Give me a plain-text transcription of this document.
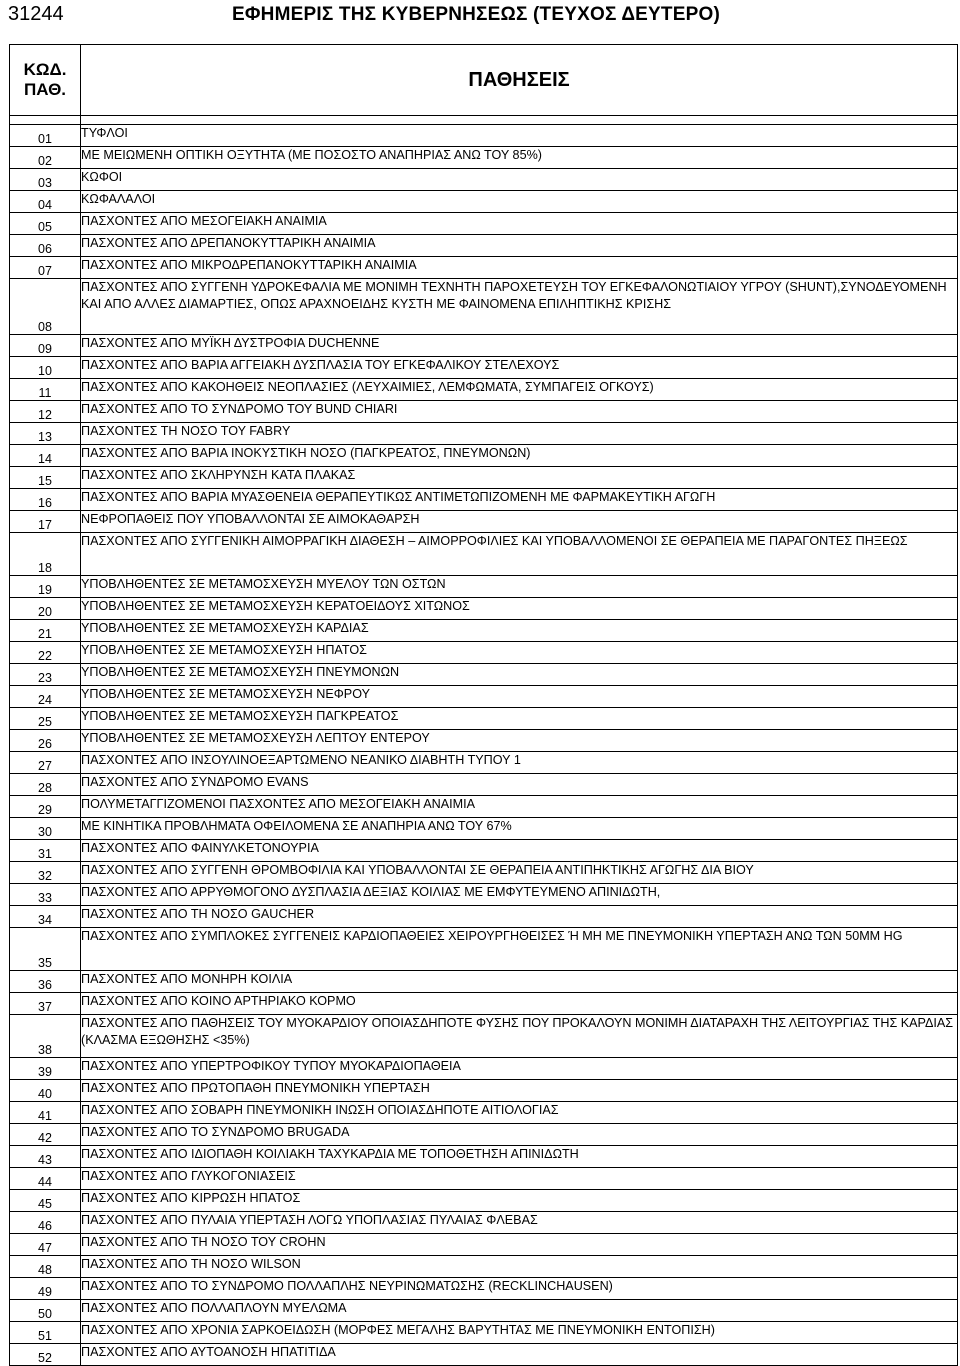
31244	ΕΦΗΜΕΡΙΣ ΤΗΣ ΚΥΒΕΡΝΗΣΕΩΣ (ΤΕΥΧΟΣ ΔΕΥΤΕΡΟ)
ΚΩΔ. ΠΑΘ.	ΠΑΘΗΣΕΙΣ

01	ΤΥΦΛΟΙ
02	ΜΕ ΜΕΙΩΜΕΝΗ ΟΠΤΙΚΗ ΟΞΥΤΗΤΑ (ΜΕ ΠΟΣΟΣΤΟ ΑΝΑΠΗΡΙΑΣ ΑΝΩ ΤΟΥ 85%)
03	ΚΩΦΟΙ
04	ΚΩΦΑΛΑΛΟΙ
05	ΠΑΣΧΟΝΤΕΣ ΑΠΟ ΜΕΣΟΓΕΙΑΚΗ ΑΝΑΙΜΙΑ
06	ΠΑΣΧΟΝΤΕΣ ΑΠΟ ΔΡΕΠΑΝΟΚΥΤΤΑΡΙΚΗ ΑΝΑΙΜΙΑ
07	ΠΑΣΧΟΝΤΕΣ ΑΠΟ ΜΙΚΡΟΔΡΕΠΑΝΟΚΥΤΤΑΡΙΚΗ ΑΝΑΙΜΙΑ
08	ΠΑΣΧΟΝΤΕΣ ΑΠΟ ΣΥΓΓΕΝΗ ΥΔΡΟΚΕΦΑΛΙΑ ΜΕ ΜΟΝΙΜΗ ΤΕΧΝΗΤΗ ΠΑΡΟΧΕΤΕΥΣΗ ΤΟΥ ΕΓΚΕΦΑΛΟΝΩΤΙΑΙΟΥ ΥΓΡΟΥ (SHUNT),ΣΥΝΟΔΕΥΟΜΕΝΗ ΚΑΙ ΑΠΟ ΑΛΛΕΣ ΔΙΑΜΑΡΤΙΕΣ, ΟΠΩΣ ΑΡΑΧΝΟΕΙΔΗΣ ΚΥΣΤΗ ΜΕ ΦΑΙΝΟΜΕΝΑ ΕΠΙΛΗΠΤΙΚΗΣ ΚΡΙΣΗΣ
09	ΠΑΣΧΟΝΤΕΣ ΑΠΟ ΜΥΪΚΗ ΔΥΣΤΡΟΦΙΑ DUCHENNE
10	ΠΑΣΧΟΝΤΕΣ ΑΠΟ ΒΑΡΙΑ ΑΓΓΕΙΑΚΗ ΔΥΣΠΛΑΣΙΑ ΤΟΥ ΕΓΚΕΦΑΛΙΚΟΥ ΣΤΕΛΕΧΟΥΣ
11	ΠΑΣΧΟΝΤΕΣ ΑΠΟ ΚΑΚΟΗΘΕΙΣ ΝΕΟΠΛΑΣΙΕΣ (ΛΕΥΧΑΙΜΙΕΣ, ΛΕΜΦΩΜΑΤΑ, ΣΥΜΠΑΓΕΙΣ ΟΓΚΟΥΣ)
12	ΠΑΣΧΟΝΤΕΣ ΑΠΟ ΤΟ ΣΥΝΔΡΟΜΟ ΤΟΥ BUND CHIARI
13	ΠΑΣΧΟΝΤΕΣ ΤΗ ΝΟΣΟ ΤΟΥ FABRY
14	ΠΑΣΧΟΝΤΕΣ ΑΠΟ ΒΑΡΙΑ ΙΝΟΚΥΣΤΙΚΗ ΝΟΣΟ (ΠΑΓΚΡΕΑΤΟΣ, ΠΝΕΥΜΟΝΩΝ)
15	ΠΑΣΧΟΝΤΕΣ ΑΠΟ ΣΚΛΗΡΥΝΣΗ ΚΑΤΑ ΠΛΑΚΑΣ
16	ΠΑΣΧΟΝΤΕΣ ΑΠΟ ΒΑΡΙΑ ΜΥΑΣΘΕΝΕΙΑ ΘΕΡΑΠΕΥΤΙΚΩΣ ΑΝΤΙΜΕΤΩΠΙΖΟΜΕΝΗ ΜΕ ΦΑΡΜΑΚΕΥΤΙΚΗ ΑΓΩΓΗ
17	ΝΕΦΡΟΠΑΘΕΙΣ ΠΟΥ ΥΠΟΒΑΛΛΟΝΤΑΙ ΣΕ ΑΙΜΟΚΑΘΑΡΣΗ
18	ΠΑΣΧΟΝΤΕΣ ΑΠΟ ΣΥΓΓΕΝΙΚΗ ΑΙΜΟΡΡΑΓΙΚΗ ΔΙΑΘΕΣΗ – ΑΙΜΟΡΡΟΦΙΛΙΕΣ ΚΑΙ ΥΠΟΒΑΛΛΟΜΕΝΟΙ ΣΕ ΘΕΡΑΠΕΙΑ ΜΕ ΠΑΡΑΓΟΝΤΕΣ ΠΗΞΕΩΣ
19	ΥΠΟΒΛΗΘΕΝΤΕΣ ΣΕ ΜΕΤΑΜΟΣΧΕΥΣΗ ΜΥΕΛΟΥ ΤΩΝ ΟΣΤΩΝ
20	ΥΠΟΒΛΗΘΕΝΤΕΣ ΣΕ ΜΕΤΑΜΟΣΧΕΥΣΗ ΚΕΡΑΤΟΕΙΔΟΥΣ ΧΙΤΩΝΟΣ
21	ΥΠΟΒΛΗΘΕΝΤΕΣ ΣΕ ΜΕΤΑΜΟΣΧΕΥΣΗ ΚΑΡΔΙΑΣ
22	ΥΠΟΒΛΗΘΕΝΤΕΣ ΣΕ ΜΕΤΑΜΟΣΧΕΥΣΗ ΗΠΑΤΟΣ
23	ΥΠΟΒΛΗΘΕΝΤΕΣ ΣΕ ΜΕΤΑΜΟΣΧΕΥΣΗ ΠΝΕΥΜΟΝΩΝ
24	ΥΠΟΒΛΗΘΕΝΤΕΣ ΣΕ ΜΕΤΑΜΟΣΧΕΥΣΗ ΝΕΦΡΟΥ
25	ΥΠΟΒΛΗΘΕΝΤΕΣ ΣΕ ΜΕΤΑΜΟΣΧΕΥΣΗ ΠΑΓΚΡΕΑΤΟΣ
26	ΥΠΟΒΛΗΘΕΝΤΕΣ ΣΕ ΜΕΤΑΜΟΣΧΕΥΣΗ ΛΕΠΤΟΥ ΕΝΤΕΡΟΥ
27	ΠΑΣΧΟΝΤΕΣ ΑΠΟ ΙΝΣΟΥΛΙΝΟΕΞΑΡΤΩΜΕΝΟ ΝΕΑΝΙΚΟ ΔΙΑΒΗΤΗ ΤΥΠΟΥ 1
28	ΠΑΣΧΟΝΤΕΣ ΑΠΟ ΣΥΝΔΡΟΜΟ EVANS
29	ΠΟΛΥΜΕΤΑΓΓΙΖΟΜΕΝΟΙ ΠΑΣΧΟΝΤΕΣ ΑΠΟ ΜΕΣΟΓΕΙΑΚΗ ΑΝΑΙΜΙΑ
30	ΜΕ ΚΙΝΗΤΙΚΑ ΠΡΟΒΛΗΜΑΤΑ ΟΦΕΙΛΟΜΕΝΑ ΣΕ ΑΝΑΠΗΡΙΑ ΑΝΩ ΤΟΥ 67%
31	ΠΑΣΧΟΝΤΕΣ ΑΠΟ ΦΑΙΝΥΛΚΕΤΟΝΟΥΡΙΑ
32	ΠΑΣΧΟΝΤΕΣ ΑΠΟ ΣΥΓΓΕΝΗ ΘΡΟΜΒΟΦΙΛΙΑ ΚΑΙ ΥΠΟΒΑΛΛΟΝΤΑΙ ΣΕ ΘΕΡΑΠΕΙΑ ΑΝΤΙΠΗΚΤΙΚΗΣ ΑΓΩΓΗΣ ΔΙΑ ΒΙΟΥ
33	ΠΑΣΧΟΝΤΕΣ ΑΠΟ ΑΡΡΥΘΜΟΓΟΝΟ ΔΥΣΠΛΑΣΙΑ ΔΕΞΙΑΣ ΚΟΙΛΙΑΣ ΜΕ ΕΜΦΥΤΕΥΜΕΝΟ ΑΠΙΝΙΔΩΤΗ,
34	ΠΑΣΧΟΝΤΕΣ ΑΠΟ ΤΗ ΝΟΣΟ GAUCHER
35	ΠΑΣΧΟΝΤΕΣ ΑΠΟ ΣΥΜΠΛΟΚΕΣ ΣΥΓΓΕΝΕΙΣ ΚΑΡΔΙΟΠΑΘΕΙΕΣ ΧΕΙΡΟΥΡΓΗΘΕΙΣΕΣ Ή ΜΗ ΜΕ ΠΝΕΥΜΟΝΙΚΗ ΥΠΕΡΤΑΣΗ ΑΝΩ ΤΩΝ 50ΜΜ HG
36	ΠΑΣΧΟΝΤΕΣ ΑΠΟ ΜΟΝΗΡΗ ΚΟΙΛΙΑ
37	ΠΑΣΧΟΝΤΕΣ ΑΠΟ ΚΟΙΝΟ ΑΡΤΗΡΙΑΚΟ ΚΟΡΜΟ
38	ΠΑΣΧΟΝΤΕΣ ΑΠΟ ΠΑΘΗΣΕΙΣ ΤΟΥ ΜΥΟΚΑΡΔΙΟΥ ΟΠΟΙΑΣΔΗΠΟΤΕ ΦΥΣΗΣ ΠΟΥ ΠΡΟΚΑΛΟΥΝ ΜΟΝΙΜΗ ΔΙΑΤΑΡΑΧΗ ΤΗΣ ΛΕΙΤΟΥΡΓΙΑΣ ΤΗΣ ΚΑΡΔΙΑΣ (ΚΛΑΣΜΑ ΕΞΩΘΗΣΗΣ <35%)
39	ΠΑΣΧΟΝΤΕΣ ΑΠΟ ΥΠΕΡΤΡΟΦΙΚΟΥ ΤΥΠΟΥ ΜΥΟΚΑΡΔΙΟΠΑΘΕΙΑ
40	ΠΑΣΧΟΝΤΕΣ ΑΠΟ ΠΡΩΤΟΠΑΘΗ ΠΝΕΥΜΟΝΙΚΗ ΥΠΕΡΤΑΣΗ
41	ΠΑΣΧΟΝΤΕΣ ΑΠΟ ΣΟΒΑΡΗ ΠΝΕΥΜΟΝΙΚΗ ΙΝΩΣΗ ΟΠΟΙΑΣΔΗΠΟΤΕ ΑΙΤΙΟΛΟΓΙΑΣ
42	ΠΑΣΧΟΝΤΕΣ ΑΠΟ ΤΟ ΣΥΝΔΡΟΜΟ BRUGADA
43	ΠΑΣΧΟΝΤΕΣ ΑΠΟ ΙΔΙΟΠΑΘΗ ΚΟΙΛΙΑΚΗ ΤΑΧΥΚΑΡΔΙΑ ΜΕ ΤΟΠΟΘΕΤΗΣΗ ΑΠΙΝΙΔΩΤΗ
44	ΠΑΣΧΟΝΤΕΣ ΑΠΟ ΓΛΥΚΟΓΟΝΙΑΣΕΙΣ
45	ΠΑΣΧΟΝΤΕΣ ΑΠΟ ΚΙΡΡΩΣΗ ΗΠΑΤΟΣ
46	ΠΑΣΧΟΝΤΕΣ ΑΠΟ ΠΥΛΑΙΑ ΥΠΕΡΤΑΣΗ ΛΟΓΩ ΥΠΟΠΛΑΣΙΑΣ ΠΥΛΑΙΑΣ ΦΛΕΒΑΣ
47	ΠΑΣΧΟΝΤΕΣ ΑΠΟ ΤΗ ΝΟΣΟ ΤΟΥ CROHN
48	ΠΑΣΧΟΝΤΕΣ ΑΠΟ ΤΗ ΝΟΣΟ WILSON
49	ΠΑΣΧΟΝΤΕΣ ΑΠΟ ΤΟ ΣΥΝΔΡΟΜΟ ΠΟΛΛΑΠΛΗΣ ΝΕΥΡΙΝΩΜΑΤΩΣΗΣ (RECKLINCHAUSEN)
50	ΠΑΣΧΟΝΤΕΣ ΑΠΟ ΠΟΛΛΑΠΛΟΥΝ ΜΥΕΛΩΜΑ
51	ΠΑΣΧΟΝΤΕΣ ΑΠΟ ΧΡΟΝΙΑ ΣΑΡΚΟΕΙΔΩΣΗ (ΜΟΡΦΕΣ ΜΕΓΑΛΗΣ ΒΑΡΥΤΗΤΑΣ ΜΕ ΠΝΕΥΜΟΝΙΚΗ ΕΝΤΟΠΙΣΗ)
52	ΠΑΣΧΟΝΤΕΣ ΑΠΟ ΑΥΤΟΑΝΟΣΗ ΗΠΑΤΙΤΙΔΑ
